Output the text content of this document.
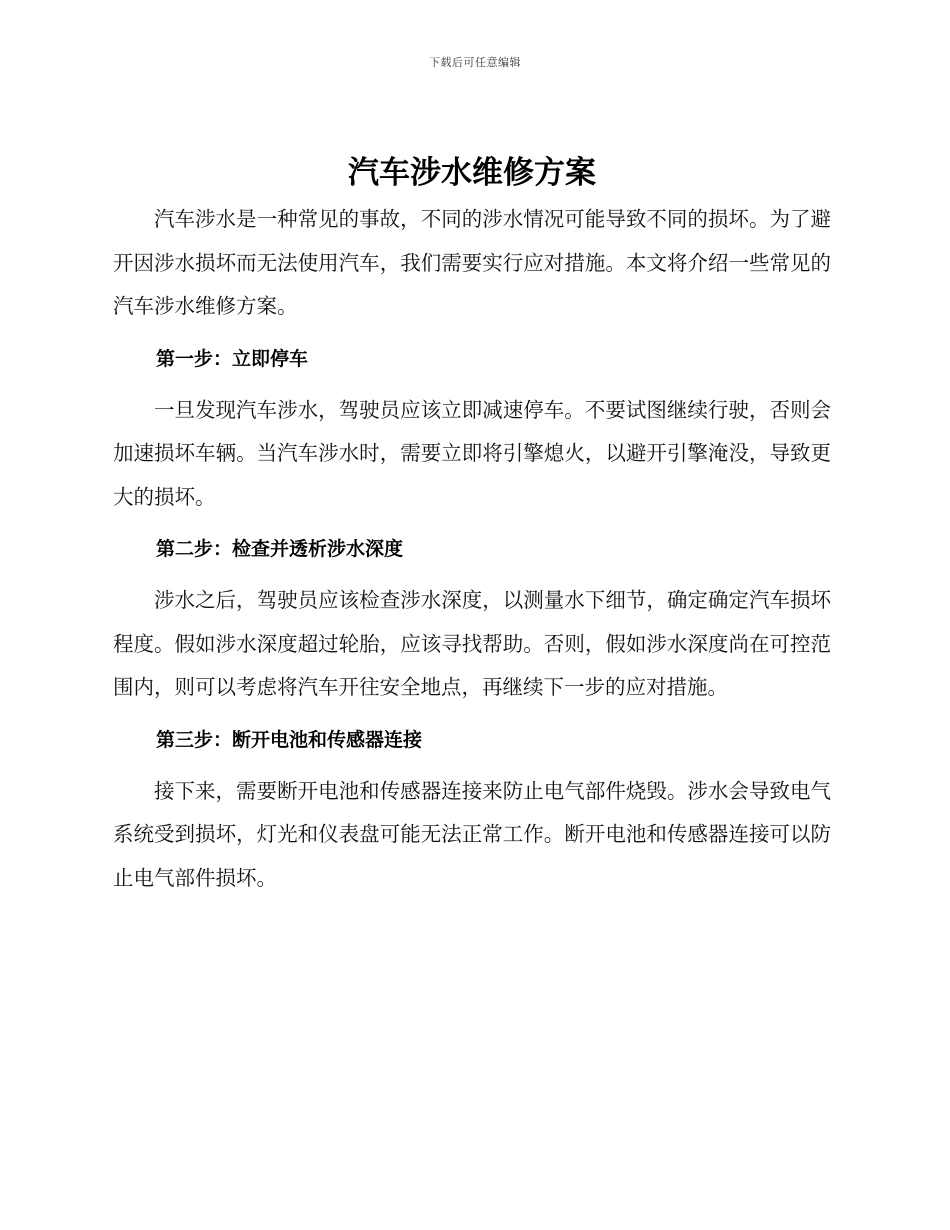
下载后可任意编辑
汽车涉水维修方案

汽车涉水是一种常见的事故，不同的涉水情况可能导致不同的损坏。为了避开因涉水损坏而无法使用汽车，我们需要实行应对措施。本文将介绍一些常见的汽车涉水维修方案。

第一步：立即停车

一旦发现汽车涉水，驾驶员应该立即减速停车。不要试图继续行驶，否则会加速损坏车辆。当汽车涉水时，需要立即将引擎熄火，以避开引擎淹没，导致更大的损坏。

第二步：检查并透析涉水深度

涉水之后，驾驶员应该检查涉水深度，以测量水下细节，确定确定汽车损坏程度。假如涉水深度超过轮胎，应该寻找帮助。否则，假如涉水深度尚在可控范围内，则可以考虑将汽车开往安全地点，再继续下一步的应对措施。

第三步：断开电池和传感器连接

接下来，需要断开电池和传感器连接来防止电气部件烧毁。涉水会导致电气系统受到损坏，灯光和仪表盘可能无法正常工作。断开电池和传感器连接可以防止电气部件损坏。
